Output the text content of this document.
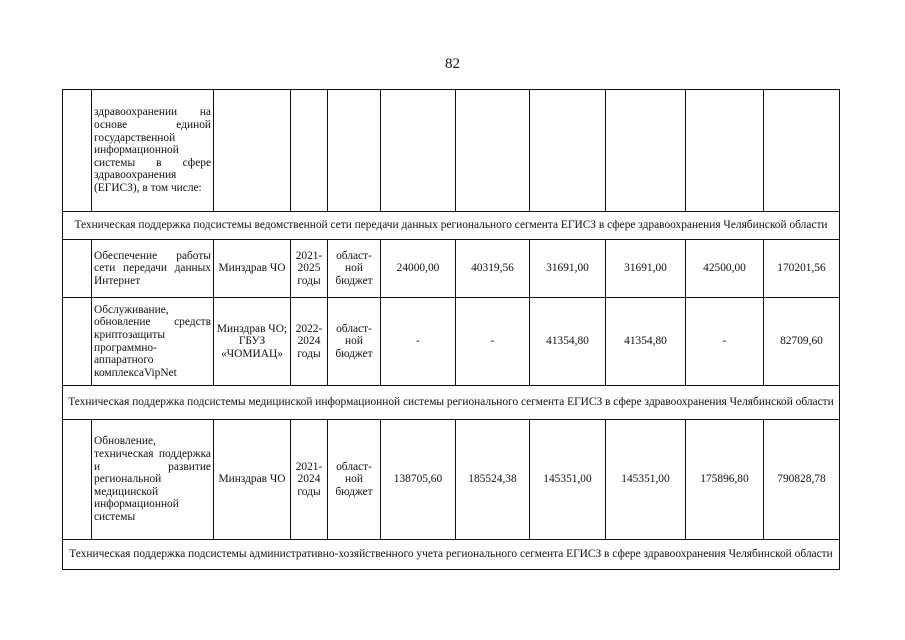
82
	здравоохранении на основе единой государственной информационной системы в сфере здравоохранения (ЕГИСЗ), в том числе:									
Техническая поддержка подсистемы ведомственной сети передачи данных регионального сегмента ЕГИСЗ в сфере здравоохранения Челябинской области										
	Обеспечение работы сети передачи данных Интернет	Минздрав ЧО	2021-2025 годы	област-ной бюджет	24000,00	40319,56	31691,00	31691,00	42500,00	170201,56
	Обслуживание, обновление средств криптозащиты программно-аппаратного комплексаVipNet	Минздрав ЧО; ГБУЗ «ЧОМИАЦ»	2022-2024 годы	област-ной бюджет	-	-	41354,80	41354,80	-	82709,60
Техническая поддержка подсистемы медицинской информационной системы регионального сегмента ЕГИСЗ в сфере здравоохранения Челябинской области										
	Обновление, техническая поддержка и развитие региональной медицинской информационной системы	Минздрав ЧО	2021-2024 годы	област-ной бюджет	138705,60	185524,38	145351,00	145351,00	175896,80	790828,78
Техническая поддержка подсистемы административно-хозяйственного учета регионального сегмента ЕГИСЗ в сфере здравоохранения Челябинской области										
